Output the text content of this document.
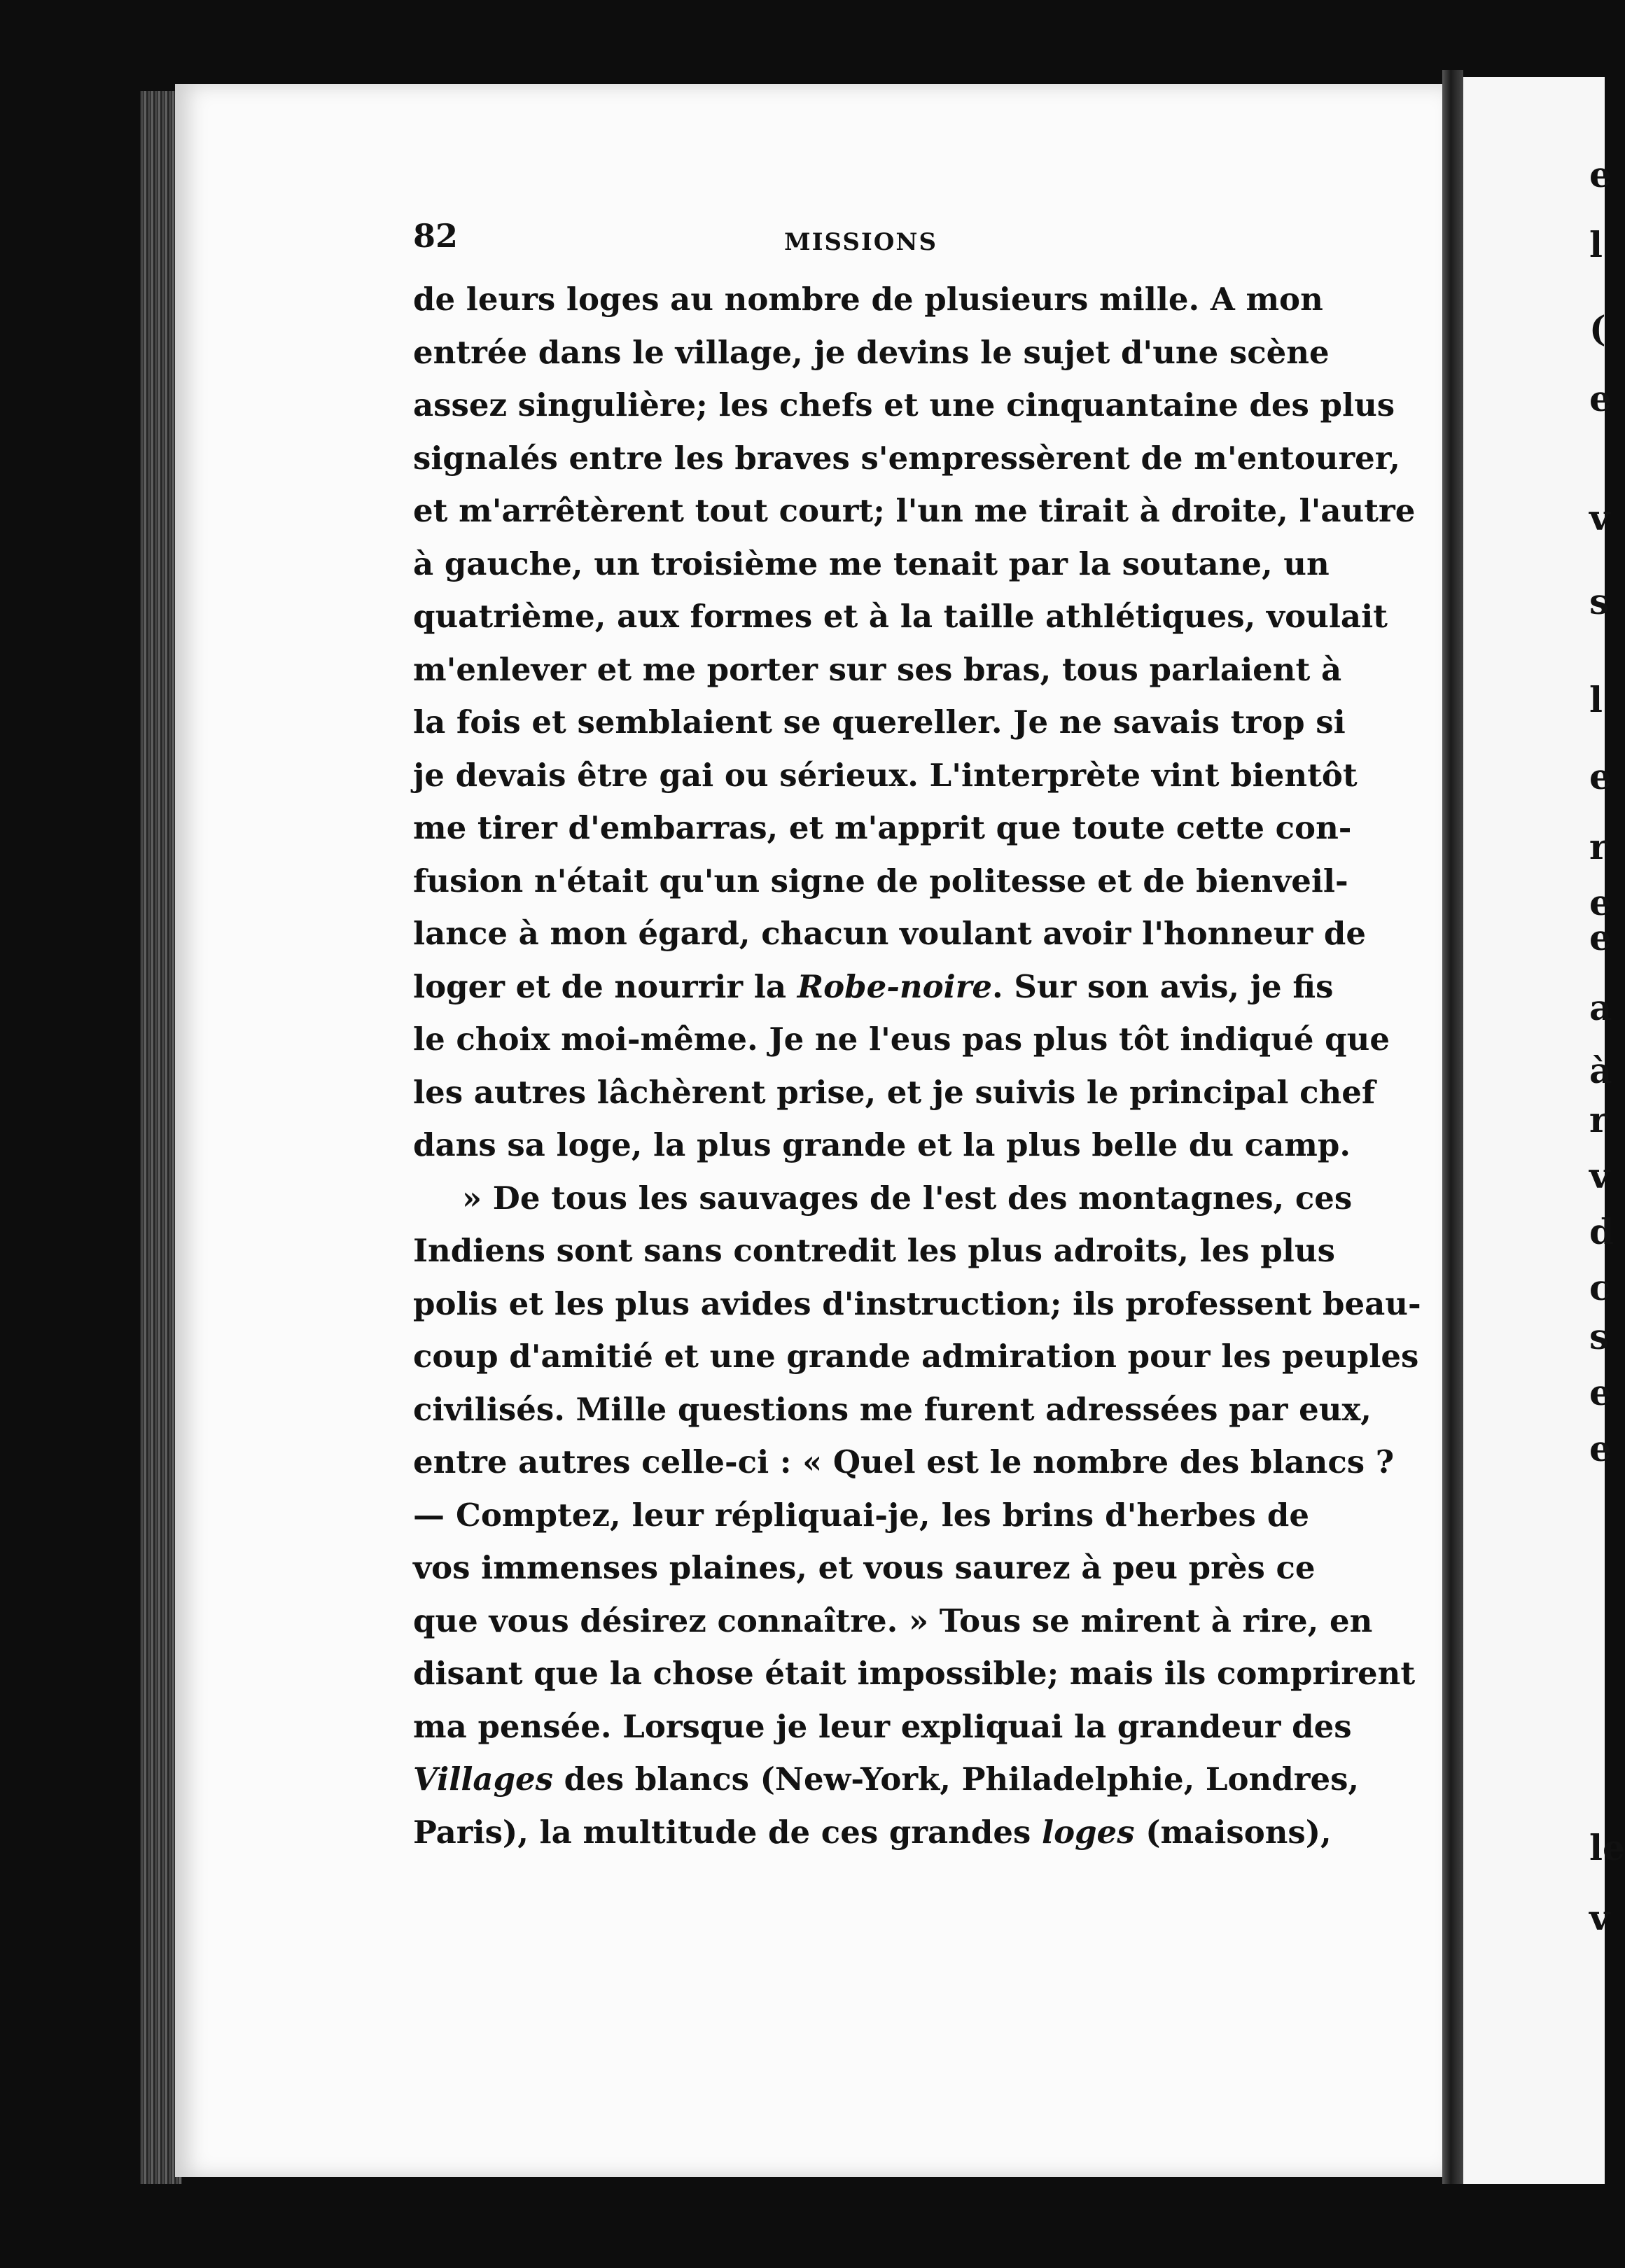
e
l
(
e
v
s
l
e
r
e
e
a
à
r
v
d
c
s
e
e
le
v
82	MISSIONS
de leurs loges au nombre de plusieurs mille. A mon
entrée dans le village, je devins le sujet d'une scène
assez singulière; les chefs et une cinquantaine des plus
signalés entre les braves s'empressèrent de m'entourer,
et m'arrêtèrent tout court; l'un me tirait à droite, l'autre
à gauche, un troisième me tenait par la soutane, un
quatrième, aux formes et à la taille athlétiques, voulait
m'enlever et me porter sur ses bras, tous parlaient à
la fois et semblaient se quereller. Je ne savais trop si
je devais être gai ou sérieux. L'interprète vint bientôt
me tirer d'embarras, et m'apprit que toute cette con-
fusion n'était qu'un signe de politesse et de bienveil-
lance à mon égard, chacun voulant avoir l'honneur de
loger et de nourrir la Robe-noire. Sur son avis, je fis
le choix moi-même. Je ne l'eus pas plus tôt indiqué que
les autres lâchèrent prise, et je suivis le principal chef
dans sa loge, la plus grande et la plus belle du camp.
» De tous les sauvages de l'est des montagnes, ces
Indiens sont sans contredit les plus adroits, les plus
polis et les plus avides d'instruction; ils professent beau-
coup d'amitié et une grande admiration pour les peuples
civilisés. Mille questions me furent adressées par eux,
entre autres celle-ci : « Quel est le nombre des blancs ?
— Comptez, leur répliquai-je, les brins d'herbes de
vos immenses plaines, et vous saurez à peu près ce
que vous désirez connaître. » Tous se mirent à rire, en
disant que la chose était impossible; mais ils comprirent
ma pensée. Lorsque je leur expliquai la grandeur des
Villages des blancs (New-York, Philadelphie, Londres,
Paris), la multitude de ces grandes loges (maisons),
